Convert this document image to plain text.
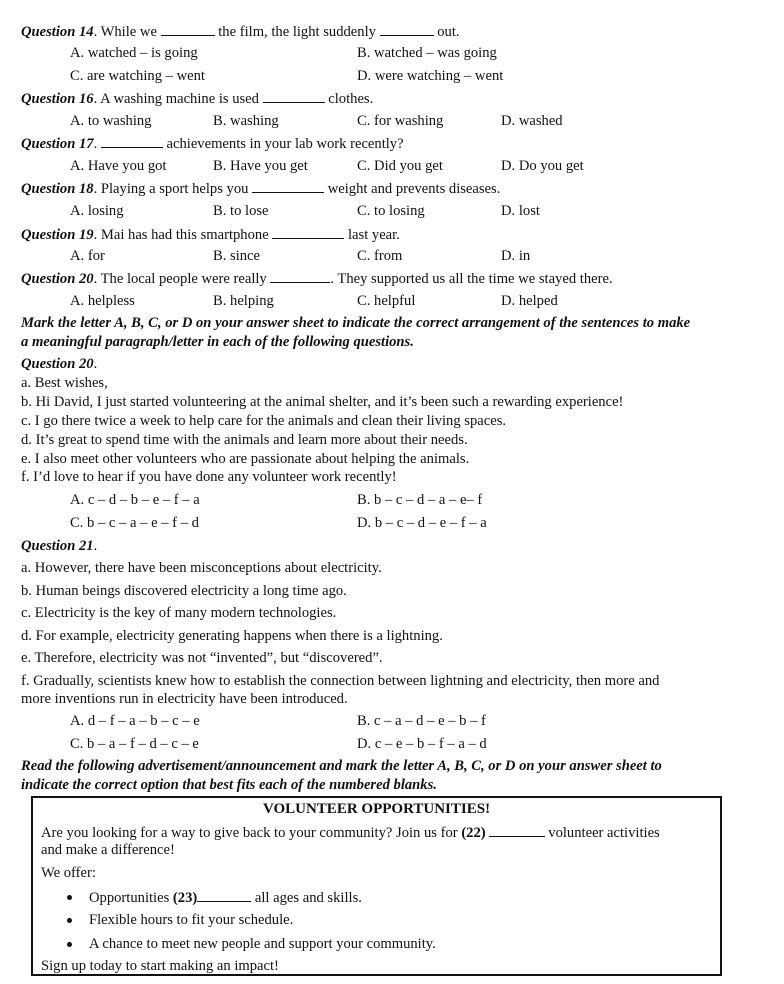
Question 14. While we	the film, the light suddenly	out.
A. watched – is going	B. watched – was going
C. are watching – went	D. were watching – went
Question 16. A washing machine is used	clothes.
A. to washing	B. washing	C. for washing	D. washed
Question 17.	achievements in your lab work recently?
A. Have you got	B. Have you get	C. Did you get	D. Do you get
Question 18. Playing a sport helps you	weight and prevents diseases.
A. losing	B. to lose	C. to losing	D. lost
Question 19. Mai has had this smartphone	last year.
A. for	B. since	C. from	D. in
Question 20. The local people were really	. They supported us all the time we stayed there.
A. helpless	B. helping	C. helpful	D. helped
Mark the letter A, B, C, or D on your answer sheet to indicate the correct arrangement of the sentences to make
a meaningful paragraph/letter in each of the following questions.
Question 20.
a. Best wishes,
b. Hi David, I just started volunteering at the animal shelter, and it’s been such a rewarding experience!
c. I go there twice a week to help care for the animals and clean their living spaces.
d. It’s great to spend time with the animals and learn more about their needs.
e. I also meet other volunteers who are passionate about helping the animals.
f. I’d love to hear if you have done any volunteer work recently!
A. c – d – b – e – f – a	B. b – c – d – a – e– f
C. b – c – a – e – f – d	D. b – c – d – e – f – a
Question 21.
a. However, there have been misconceptions about electricity.
b. Human beings discovered electricity a long time ago.
c. Electricity is the key of many modern technologies.
d. For example, electricity generating happens when there is a lightning.
e. Therefore, electricity was not “invented”, but “discovered”.
f. Gradually, scientists knew how to establish the connection between lightning and electricity, then more and
more inventions run in electricity have been introduced.
A. d – f – a – b – c – e	B. c – a – d – e – b – f
C. b – a – f – d – c – e	D. c – e – b – f – a – d
Read the following advertisement/announcement and mark the letter A, B, C, or D on your answer sheet to
indicate the correct option that best fits each of the numbered blanks.
VOLUNTEER OPPORTUNITIES!
Are you looking for a way to give back to your community? Join us for (22)	volunteer activities
and make a difference!
We offer:
Opportunities (23)	all ages and skills.
Flexible hours to fit your schedule.
A chance to meet new people and support your community.
Sign up today to start making an impact!
